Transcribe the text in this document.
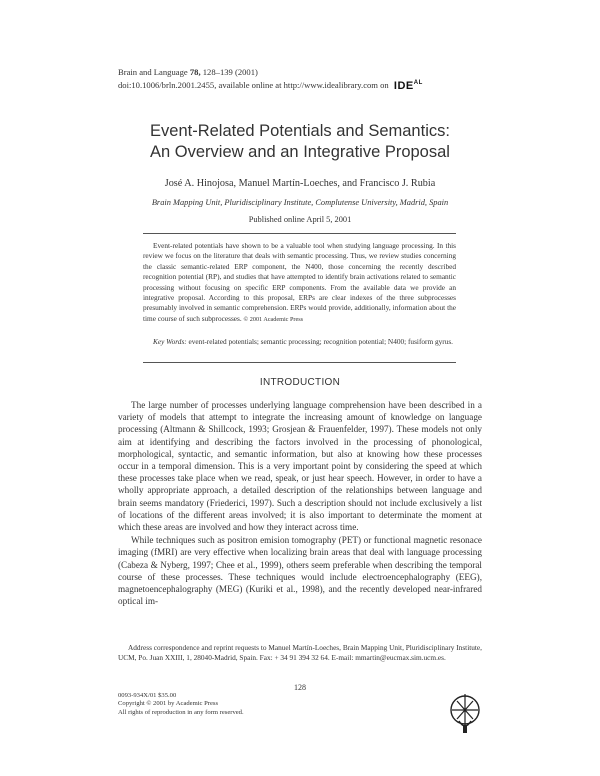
Brain and Language 78, 128–139 (2001)
doi:10.1006/brln.2001.2455, available online at http://www.idealibrary.com on $IDE^{AL}$
Event-Related Potentials and Semantics:
An Overview and an Integrative Proposal
José A. Hinojosa, Manuel Martín-Loeches, and Francisco J. Rubia
Brain Mapping Unit, Pluridisciplinary Institute, Complutense University, Madrid, Spain
Published online April 5, 2001
Event-related potentials have shown to be a valuable tool when studying language processing. In this review we focus on the literature that deals with semantic processing. Thus, we review studies concerning the classic semantic-related ERP component, the N400, those concerning the recently described recognition potential (RP), and studies that have attempted to identify brain activations related to semantic processing without focusing on specific ERP components. From the available data we provide an integrative proposal. According to this proposal, ERPs are clear indexes of the three subprocesses presumably involved in semantic comprehension. ERPs would provide, additionally, information about the time course of such subprocesses. © 2001 Academic Press
Key Words: event-related potentials; semantic processing; recognition potential; N400; fusiform gyrus.
INTRODUCTION

The large number of processes underlying language comprehension have been described in a variety of models that attempt to integrate the increasing amount of knowledge on language processing (Altmann & Shillcock, 1993; Grosjean & Frauenfelder, 1997). These models not only aim at identifying and describing the factors involved in the processing of phonological, morphological, syntactic, and semantic information, but also at knowing how these processes occur in a temporal dimension. This is a very important point by considering the speed at which these processes take place when we read, speak, or just hear speech. However, in order to have a wholly appropriate approach, a detailed description of the relationships between language and brain seems mandatory (Friederici, 1997). Such a description should not include exclusively a list of locations of the different areas involved; it is also important to determinate the moment at which these areas are involved and how they interact across time.

While techniques such as positron emision tomography (PET) or functional magnetic resonace imaging (fMRI) are very effective when localizing brain areas that deal with language processing (Cabeza & Nyberg, 1997; Chee et al., 1999), others seem preferable when describing the temporal course of these processes. These techniques would include electroencephalography (EEG), magnetoencephalography (MEG) (Kuriki et al., 1998), and the recently developed near-infrared optical im-

Address correspondence and reprint requests to Manuel Martín-Loeches, Brain Mapping Unit, Pluridisciplinary Institute, UCM, Po. Juan XXIII, 1, 28040-Madrid, Spain. Fax: + 34 91 394 32 64. E-mail: mmartin@eucmax.sim.ucm.es.
128
0093-934X/01 $35.00
Copyright © 2001 by Academic Press
All rights of reproduction in any form reserved.
